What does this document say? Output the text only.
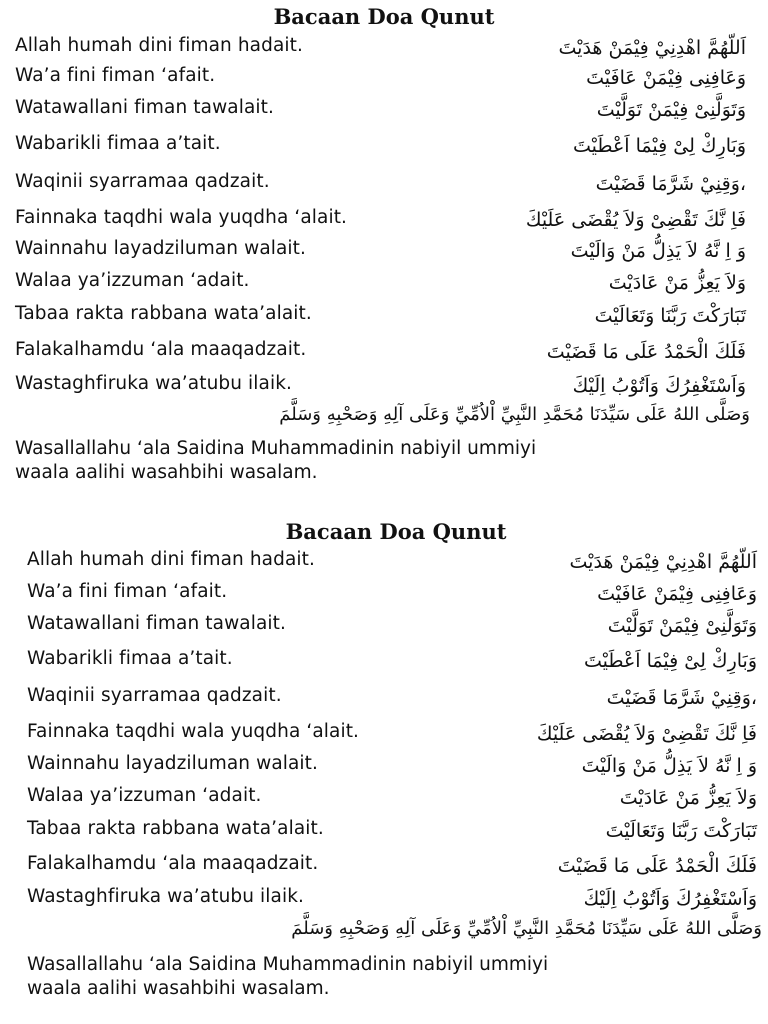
Bacaan Doa Qunut
Allah humah dini fiman hadait.	اَللّهُمَّ اهْدِنِيْ فِيْمَنْ هَدَيْتَ
Wa’a fini fiman ‘afait.	وَعَافِنِى فِيْمَنْ عَافَيْتَ
Watawallani fiman tawalait.	وَتَوَلَّنِىْ فِيْمَنْ تَوَلَّيْتَ
Wabarikli fimaa a’tait.	وَبَارِكْ لِىْ فِيْمَا اَعْطَيْتَ
Waqinii syarramaa qadzait.	،وَقِنِيْ شَرَّمَا قَضَيْتَ
Fainnaka taqdhi wala yuqdha ‘alait.	فَاِ نَّكَ تَقْضِىْ وَلاَ يُقْضَى عَلَيْكَ
Wainnahu layadziluman walait.	وَ اِ نَّهُ لاَ يَذِلُّ مَنْ وَالَيْتَ
Walaa ya’izzuman ‘adait.	وَلاَ يَعِزُّ مَنْ عَادَيْتَ
Tabaa rakta rabbana wata’alait.	تَبَارَكْتَ رَبَّنَا وَتَعَالَيْتَ
Falakalhamdu ‘ala maaqadzait.	فَلَكَ الْحَمْدُ عَلَى مَا قَضَيْتَ
Wastaghfiruka wa’atubu ilaik.	وَاَسْتَغْفِرُكَ وَاَتُوْبُ اِلَيْكَ
وَصَلَّى اللهُ عَلَى سَيِّدَنَا مُحَمَّدِ النَّبِيِّ اْلاُمِّيِّ وَعَلَى آلِهِ وَصَحْبِهِ وَسَلَّمَ
Wasallallahu ‘ala Saidina Muhammadinin nabiyil ummiyi
waala aalihi wasahbihi wasalam.
Bacaan Doa Qunut
Allah humah dini fiman hadait.	اَللّهُمَّ اهْدِنِيْ فِيْمَنْ هَدَيْتَ
Wa’a fini fiman ‘afait.	وَعَافِنِى فِيْمَنْ عَافَيْتَ
Watawallani fiman tawalait.	وَتَوَلَّنِىْ فِيْمَنْ تَوَلَّيْتَ
Wabarikli fimaa a’tait.	وَبَارِكْ لِىْ فِيْمَا اَعْطَيْتَ
Waqinii syarramaa qadzait.	،وَقِنِيْ شَرَّمَا قَضَيْتَ
Fainnaka taqdhi wala yuqdha ‘alait.	فَاِ نَّكَ تَقْضِىْ وَلاَ يُقْضَى عَلَيْكَ
Wainnahu layadziluman walait.	وَ اِ نَّهُ لاَ يَذِلُّ مَنْ وَالَيْتَ
Walaa ya’izzuman ‘adait.	وَلاَ يَعِزُّ مَنْ عَادَيْتَ
Tabaa rakta rabbana wata’alait.	تَبَارَكْتَ رَبَّنَا وَتَعَالَيْتَ
Falakalhamdu ‘ala maaqadzait.	فَلَكَ الْحَمْدُ عَلَى مَا قَضَيْتَ
Wastaghfiruka wa’atubu ilaik.	وَاَسْتَغْفِرُكَ وَاَتُوْبُ اِلَيْكَ
وَصَلَّى اللهُ عَلَى سَيِّدَنَا مُحَمَّدِ النَّبِيِّ اْلاُمِّيِّ وَعَلَى آلِهِ وَصَحْبِهِ وَسَلَّمَ
Wasallallahu ‘ala Saidina Muhammadinin nabiyil ummiyi
waala aalihi wasahbihi wasalam.
